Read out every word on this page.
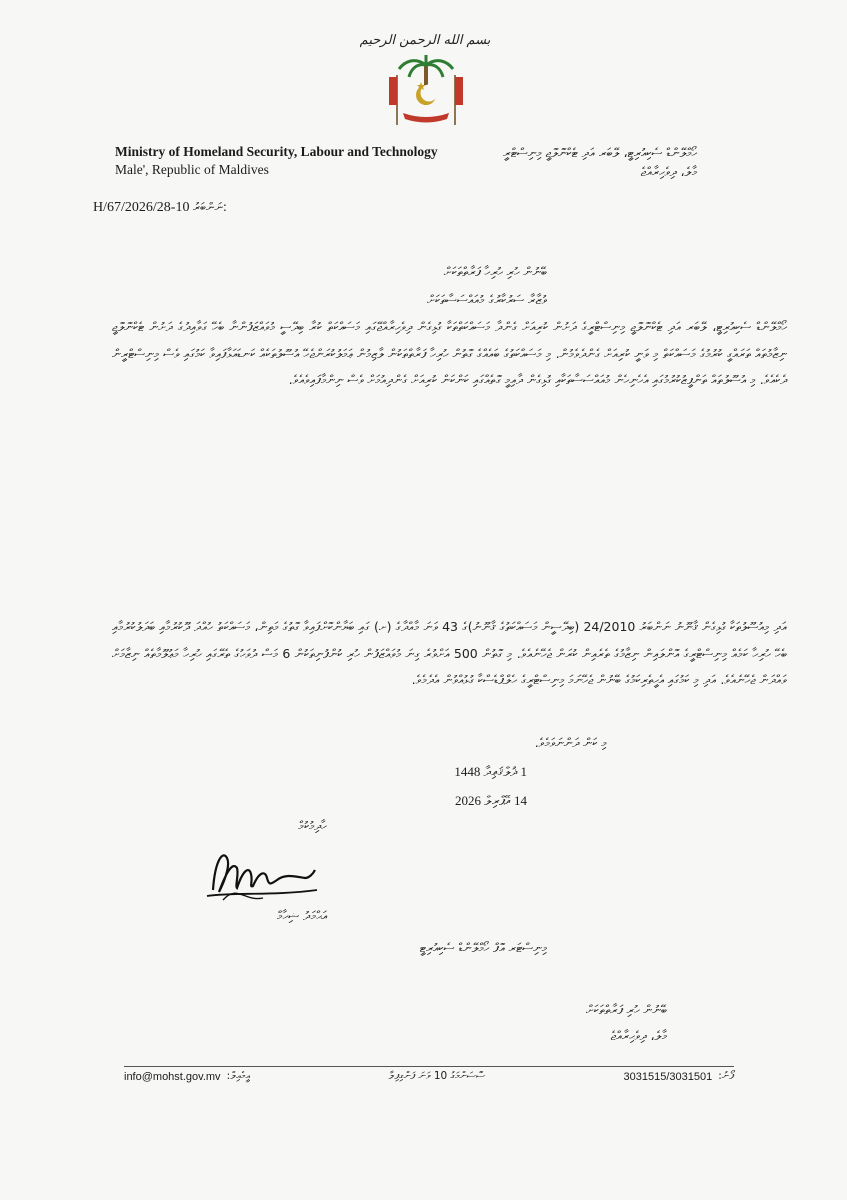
بسم الله الرحمن الرحيم
Ministry of Homeland Security, Labour and Technology
Male', Republic of Maldives
ހޯމްލޭންޑް ސެކިއުރިޓީ، ލޭބަރ އަދި ޓެކްނޮލޮޖީ މިނިސްޓްރީ
މާލެ، ދިވެހިރާއްޖެ
H/67/2026/28-10 ނަންބަރު:
ބޭނުން ހުރި ހުރިހާ ފަރާތްތަކަށް
ވުޒާރާ ސަރުކާރުގެ މުއައްސަސާތަކަށް
ހޯމްލޭންޑް ސެކިއުރިޓީ، ލޭބަރ އަދި ޓެކްނޮލޮޖީ މިނިސްޓްރީގެ ދަށުން ކުރިއަށް ގެންދާ މަސައްކަތްތަކާ ގުޅިގެން ދިވެހިރާއްޖޭގައި މަސައްކަތް ކުރާ ބިދޭސީ މުވައްޒަފުންނާ ބެހޭ ގަވާއިދުގެ ދަށުން ޓެކްނޮލޮޖީ ނިޒާމުތައް ތަރައްގީ ކުރުމުގެ މަސައްކަތް މި ވަނީ ކުރިއަށް ގެންދެވެމުން. މި މަސައްކަތުގެ ބައެއްގެ ގޮތުން ހުރިހާ ފަރާތްތަކުން ލާޒިމުން ޢަމަލުކުރަންޖެހޭ އުސޫލުތަކެއް ކަނޑައަޅާފައިވާ ކަމުގައި ވެސް މިނިސްޓްރީން ދެކެއެވެ. މި އުސޫލުތައް ތަންފީޒުކުރުމުގައި އެހެނިހެން މުއައްސަސާތަކާއި ގުޅިގެން ދާއިމީ ގޮތެއްގައި ކަންކަން ކުރިއަށް ގެންދިއުމަށް ވެސް ނިންމާފައިވެއެވެ.
އަދި މިއުސޫލުތަކާ ގުޅިގެން ޤާނޫނު ނަންބަރު 24/2010 (ބިދޭސީން މަސައްކަތުގެ ޤާނޫނު)ގެ 43 ވަނަ މާއްދާގެ (ށ) ގައި ބަޔާންކޮށްފައިވާ ގޮތުގެ މަތިން، މަސައްކަތު ހުއްދަ ދޫކުރުމާއި ބަދަލުކުރުމާއި ބެހޭ ހުރިހާ ކަމެއް މިނިސްޓްރީގެ އޮންލައިން ނިޒާމުގެ ތެރެއިން ކުރަން ޖެހޭނެއެވެ. މި ގޮތުން 500 އަށްވުރެ ގިނަ މުވައްޒަފުން ހުރި ކުންފުނިތަކުން 6 މަސް ދުވަހުގެ ތެރޭގައި ހުރިހާ މަޢުލޫމާތެއް ނިޒާމަށް ވައްދަން ޖެހޭނެއެވެ. އަދި މި ކަމުގައި އެހީތެރިކަމުގެ ބޭނުން ޖެހޭނަމަ މިނިސްޓްރީގެ ހެލްޕްޑެސްކާ ގުޅުއްވުން އެދެމެވެ.
މި ކަން ދަންނަވަމެވެ.
1 ޛުލްޤަޢިދާ 1448
14 އޭޕްރިލް 2026
ހާދިމުކުމް
އަޙްމަދު ޝިހާމް
މިނިސްޓަރ އޮފް ހޯމްލޭންޑް ސެކިއުރިޓީ
ބޭނުން ހުރި ފަރާތްތަކަށް
މާލެ، ދިވެހިރާއްޖެ
info@mohst.gov.mv އީމެއިލް:	ސޮސަންމަގު 10 ވަނަ ފަންގިފިލާ	3031515/3031501 ފޯނު:
